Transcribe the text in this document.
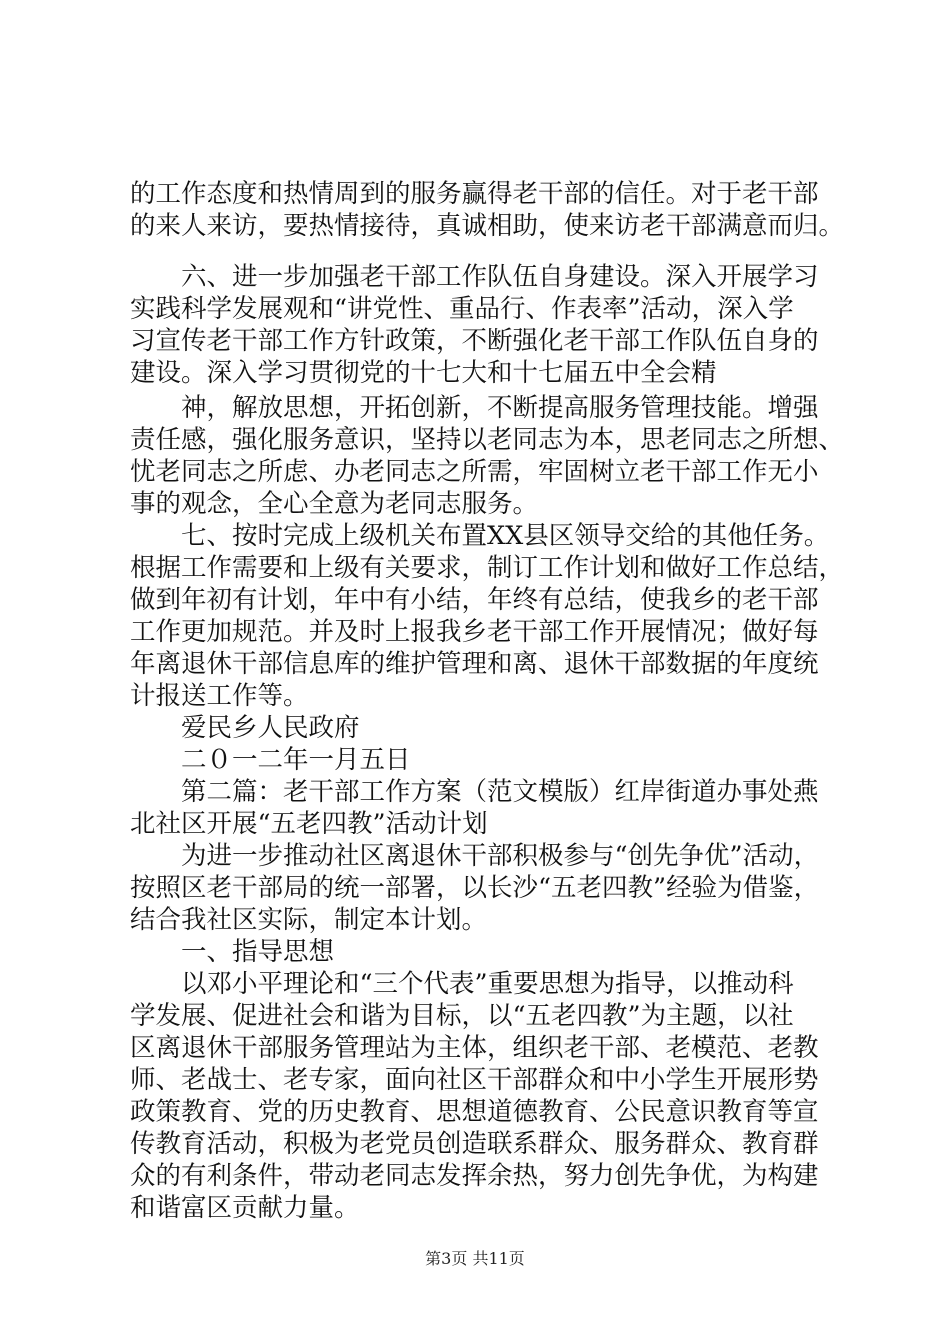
的工作态度和热情周到的服务赢得老干部的信任。对于老干部
的来人来访，要热情接待，真诚相助，使来访老干部满意而归。
　　六、进一步加强老干部工作队伍自身建设。深入开展学习
实践科学发展观和“讲党性、重品行、作表率”活动，深入学
习宣传老干部工作方针政策，不断强化老干部工作队伍自身的
建设。深入学习贯彻党的十七大和十七届五中全会精
　　神，解放思想，开拓创新，不断提高服务管理技能。增强
责任感，强化服务意识，坚持以老同志为本，思老同志之所想、
忧老同志之所虑、办老同志之所需，牢固树立老干部工作无小
事的观念，全心全意为老同志服务。
　　七、按时完成上级机关布置XX县区领导交给的其他任务。
根据工作需要和上级有关要求，制订工作计划和做好工作总结，
做到年初有计划，年中有小结，年终有总结，使我乡的老干部
工作更加规范。并及时上报我乡老干部工作开展情况；做好每
年离退休干部信息库的维护管理和离、退休干部数据的年度统
计报送工作等。
　　爱民乡人民政府
　　二０一二年一月五日
　　第二篇：老干部工作方案（范文模版）红岸街道办事处燕
北社区开展“五老四教”活动计划
　　为进一步推动社区离退休干部积极参与“创先争优”活动，
按照区老干部局的统一部署，以长沙“五老四教”经验为借鉴，
结合我社区实际，制定本计划。
　　一、指导思想
　　以邓小平理论和“三个代表”重要思想为指导，以推动科
学发展、促进社会和谐为目标，以“五老四教”为主题，以社
区离退休干部服务管理站为主体，组织老干部、老模范、老教
师、老战士、老专家，面向社区干部群众和中小学生开展形势
政策教育、党的历史教育、思想道德教育、公民意识教育等宣
传教育活动，积极为老党员创造联系群众、服务群众、教育群
众的有利条件，带动老同志发挥余热，努力创先争优，为构建
和谐富区贡献力量。
第3页 共11页
